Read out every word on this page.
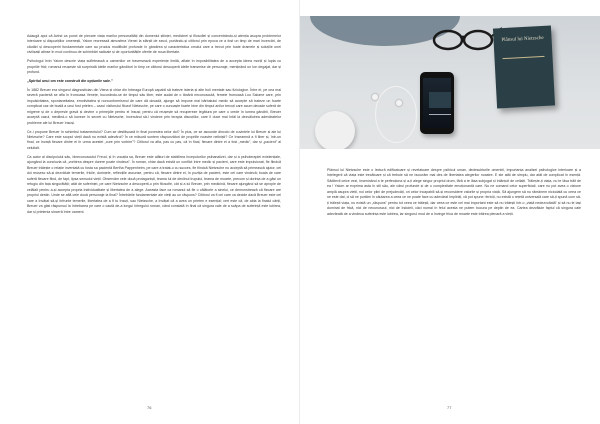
Adaugă apoi că Avind ca punct de plecare viața marilor personalități din domeniul științei, medicinei și filosofiei și concentrându-și atenția asupra problemelor interioare și dispozițiilor omenești, Yalom recreează atmosfera Vienei la sfârșit de secol, purtându-și cititorul prin epoca ce a fost un timp de mari încercări, de căutări și descoperiri fundamentale care au produs modificări profunde în gândirea și caracteristica omului care a trecut prin toate dramele și soluțiile unei civilizații atinse în mod continuu de schimbări radicale și de oportunitățile oferite de noua libertate.

Psihologul Irvin Yalom descrie viața sufletească a oamenilor ce traversează experiențe limită, aflate în imposibilitatea de a accepta ideea morții și lupta cu propriile frici; romanul reușește să surprindă ideile marilor gânditori în timp ce cititorul descoperă ideile transmise de personaje, menținând un ton degajat, dar și profund.

„Spiritul unui om este construit din opțiunile sale.”

În 1882 Breuer era singurul diagnostician din Viena și chiar din întreaga Europă capabil să trateze isteria și alte boli mentale sau fiziologice. Între ei, pe cea mai severă pacientă se afla în frumoasa Venețe, bucurându-se de timpul său liber, este audat de o tânără necunoscută, femeie frumoasă Lou Salome care, prin impulsivitatea, spontaneitatea, emotivitatea și nonconformismul de care dă dovadă, ajunge să impune mai bărbatului medic să accepte să trateze un foarte complicat caz de boală a unui fost prieten – cazul vizitorului filozof Nietzsche, pe care o cunoaște foarte bine din timpul anilor trecuți care acum decade suferă de migrene și de o depresie gravă și devine o primejdie pentru el însuși; pentru că reușește să recupereze legătura pe care o crede în lumea gândirii, Breuer acceptă cazul, mediind-o să lucreze în secret cu Nietzsche, încercând să-l vindece prin terapia discuțiilor, care îi duce mai întâi la dezvăluirea adevăratelor probleme ale lui Breuer însuși.

Ce-i propune Breuer în schimbul tratamentului? Cum se desfășoară în final povestea celor doi? În plus, ce se ascunde dincolo de cuvintele lui Breuer și ale lui Nietzsche? Care este scopul vieții dacă nu există adevărul? În ce măsură suntem răspunzători de propriile noastre neliniști? Ce înseamnă a fi liber și, într-un final, ce învață fiecare dintre ei în urma acestei „cure prin vorbire”? Cititorul va afla, pas cu pas, că în final, fiecare dintre ei a fost „medic”, dar și „pacient” al celuilalt.

Ca autor al discipolului său, binecunoscutul Freud, și în vocația sa, Breuer este alături de stabilirea începuturilor psihanalizei, dar și a psihoterapiei existențiale, ajungând la concluzia că „vorbirea despre durere poate vindeca”. În roman, chiar dacă există un conflict între medic și pacient, care este impulsionat, fie fiindcă Breuer trăiește o relație inventată cu fosta sa pacientă Bertha Pappenheim, pe care a tratat-o cu succes, fie fiindcă Nietzsche nu acceptă să primească ajutor, cei doi reușesc să-și dezvăluie temerile, fricile, dorințele, reflecțiile ascunse, pentru că, fiecare dintre ei, în poziția de pacient, este cel care vindecă; boala de care suferă fiecare fiind, de fapt, lipsa sensului vieții. Observăm cele două protagoniști, teama lui de declinul trupului, teama de moarte, precum și dorința de a găsi un refugiu din fața singurătății; atât de suferinței, pe care Nietzsche a descoperit-o prin filosofie, cât și a lui Breuer, prin medicină, fiecare ajungând să se apropie de celălalt pentru a-și accepta propria individualitate și libertatea de a alege. Aceasta face ca romanul să fie o călătorie a sinelui, ce demonstrează că fiecare are propriul destin. Unde se află cele două personaje la final? Întrebările fundamentale ale vieții au un răspuns? Cititorul va fi cel care va decide dacă Breuer este cel care a învățat să-și înfrunte temerile, libertatea de a fi tu însuți, sau Nietzsche, a învățat că a avea un prieten e esențial; cert este că, de abia la finalul cărții, Breuer va găsi răspunsul la întrebarea pe care o caută de-a lungul întregului roman, când constată în final că singura cale de a scăpa de suferință este iubirea, dar și prietenia sinceră între oameni.

76
Plânsul lui Nietzsche

Plânsul lui Nietzsche este o lectură edificatoare și revelatoare despre psihicul uman, dedesubturile omenirii, importanța analizei psihologice interioare și a înțelegerii că viața este trecătoare și că trebuie să ne bucurăm mai des de libertatea alegerilor noastre. E ste atât de simplu, dar atât de complicat în esență. Săditevil celce vezi, înseninând a te perfecționa și a-ți alege singur propriul drum, fără a te lăsa subjugat și înlănțuit de ceilalți. Trăiește-ți viața, nu te lăsa trăit de ea ! Yalom ar exprima asta în stil său, ale cărui profunde și de o complexitate emoționantă care. Nu ne comand celor superficiali, care nu pot avea o viziune amplă asupra vieții, noi celor plini de prejudecăți, ori celor incapabili să-și reconsidere valorile și propria viață. Să ajungem să nu rămânem niciodată cu ceea ce ne este dat, ci să ne purtăm în căutarea a ceea ce ne poate face cu adevărat împliniți, vă pot spune: fericiți, nu există o rețetă universală care să-ți spună cum să-ți trăiești viața, nu există un „răspuns” pentru tot ceea ce trăiești, dar ceea ce este cel mai important este să nu trăiești într-o „viață nedezvoltată” și să nu te lași dominat de frică, nici de necunoscut, nici de îndoieli, căci numai în felul acesta ne putem bucura pe deplin de ea. Cartea dezvăluie faptul că singura cale adevărată de a vindeca suferința este iubirea, iar singurul mod de a învinge frica de moarte este trăirea plenară a vieții.

77
